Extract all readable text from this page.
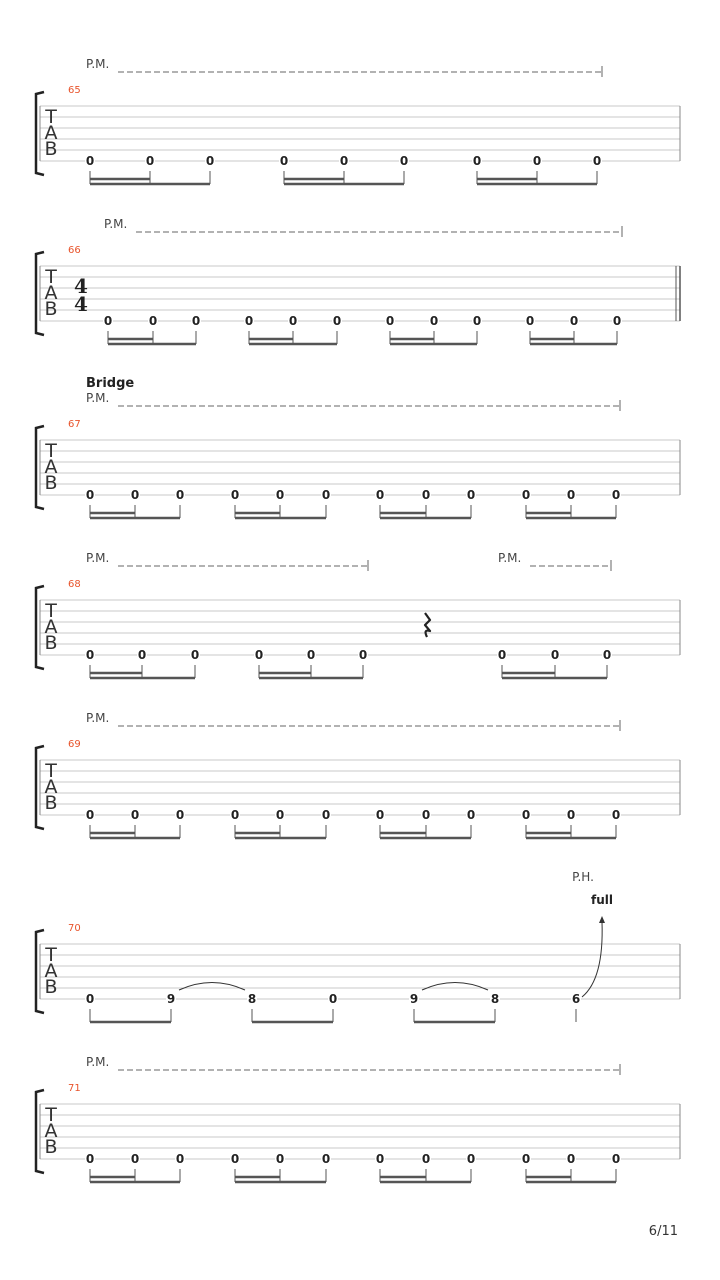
T
A
B
65
P.M.
0	0	0	0	0	0	0	0	0
T
A
B
66
P.M.
4
4
0	0	0	0	0	0	0	0	0	0	0	0
T
A
B
67
Bridge
P.M.
0	0	0	0	0	0	0	0	0	0	0	0
T
A
B
68
P.M.	P.M.
0	0	0	0	0	0	0	0	0
T
A
B
69
P.M.
0	0	0	0	0	0	0	0	0	0	0	0
T
A
B
70
0	9	8	0	9	8	6
full
P.H.
T
A
B
71
P.M.
0	0	0	0	0	0	0	0	0	0	0	0
6/11
